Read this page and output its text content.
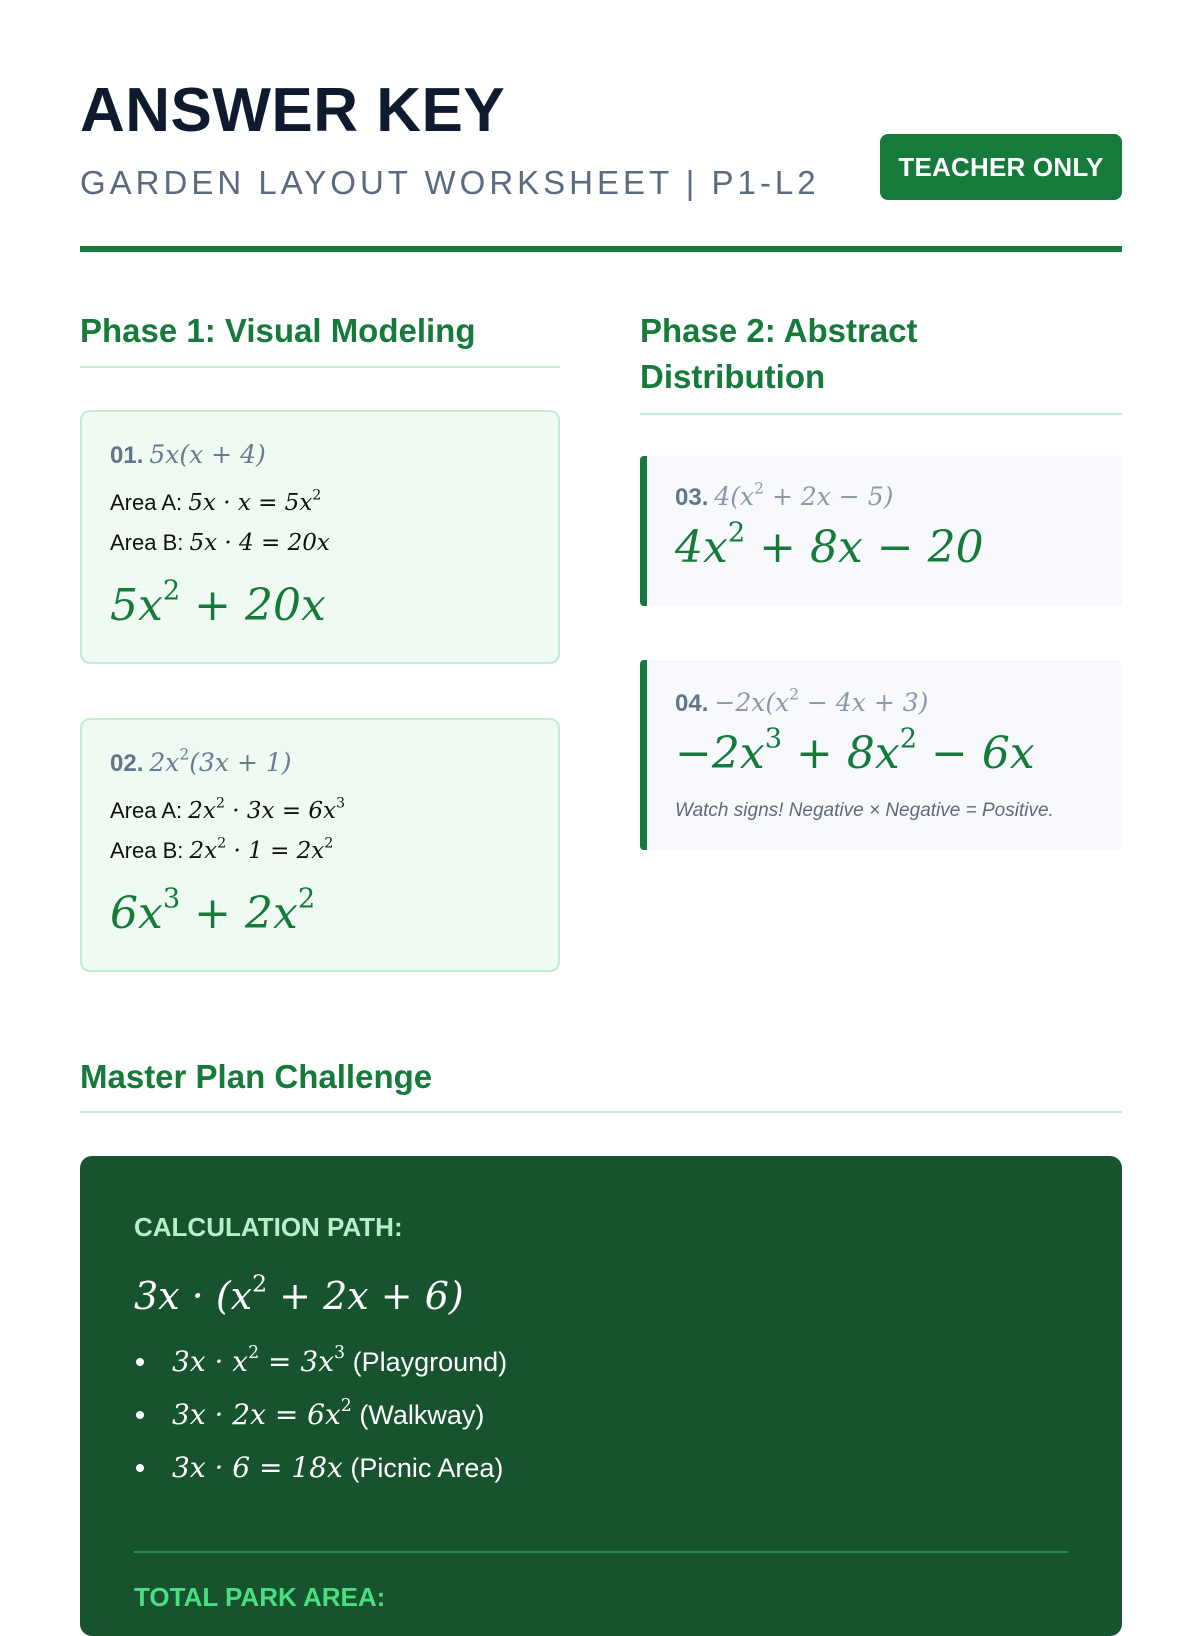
ANSWER KEY
GARDEN LAYOUT WORKSHEET | P1-L2	TEACHER ONLY
Phase 1: Visual Modeling
01. 5x(x + 4)
Area A: $5x \cdot x = 5x^2$
Area B: 5x · 4 = 20x
$5x^2 + 20x$
02. $2x^2(3x + 1)$
Area A: $2x^2 \cdot 3x = 6x^3$
Area B: $2x^2 \cdot 1 = 2x^2$
$6x^3 + 2x^2$
Phase 2: Abstract
Distribution
03. $4(x^2 + 2x - 5)$
$4x^2 + 8x - 20$
04. $-2x(x^2 - 4x + 3)$
$-2x^3 + 8x^2 - 6x$
Watch signs! Negative × Negative = Positive.
Master Plan Challenge
CALCULATION PATH:
$3x \cdot (x^2 + 2x + 6)$
$3x \cdot x^2 = 3x^3$ (Playground)
$3x \cdot 2x = 6x^2$ (Walkway)
3x · 6 = 18x (Picnic Area)
TOTAL PARK AREA:
